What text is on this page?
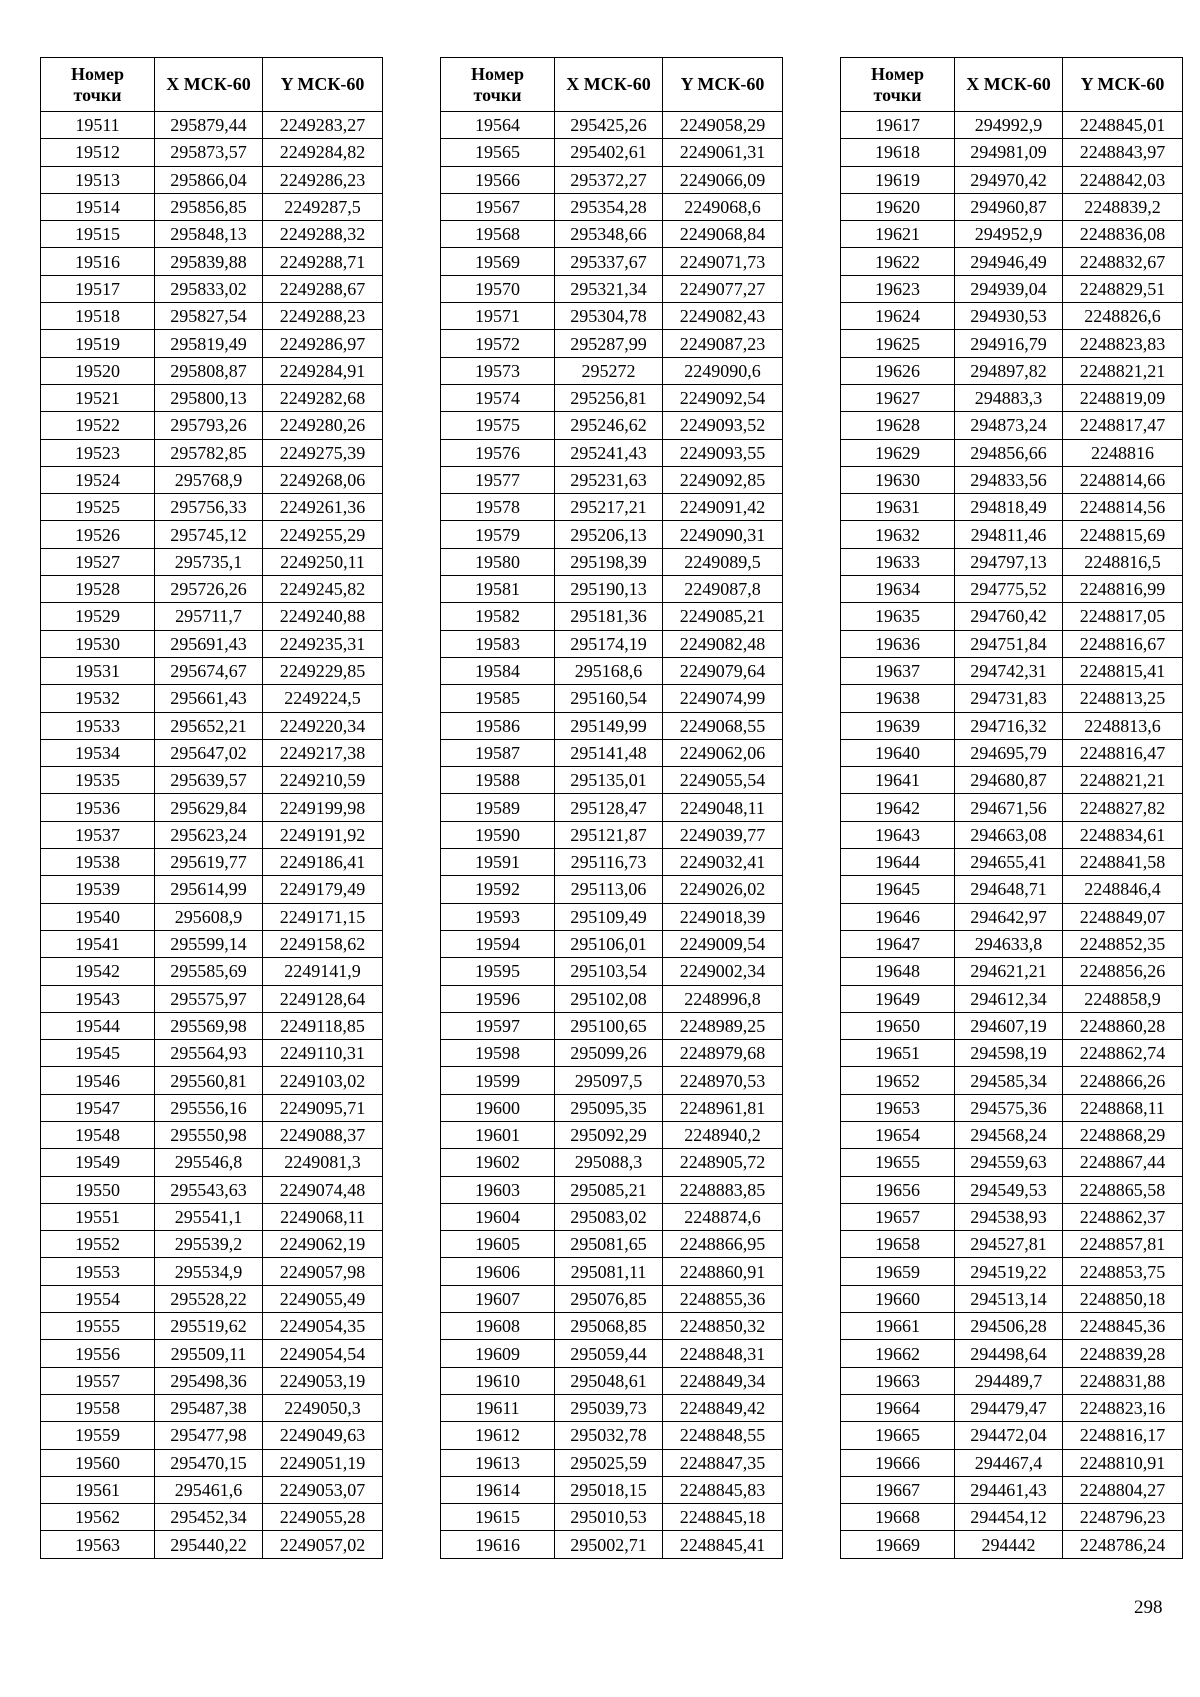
Номер точки	X МСК-60	Y МСК-60
19511	295879,44	2249283,27
19512	295873,57	2249284,82
19513	295866,04	2249286,23
19514	295856,85	2249287,5
19515	295848,13	2249288,32
19516	295839,88	2249288,71
19517	295833,02	2249288,67
19518	295827,54	2249288,23
19519	295819,49	2249286,97
19520	295808,87	2249284,91
19521	295800,13	2249282,68
19522	295793,26	2249280,26
19523	295782,85	2249275,39
19524	295768,9	2249268,06
19525	295756,33	2249261,36
19526	295745,12	2249255,29
19527	295735,1	2249250,11
19528	295726,26	2249245,82
19529	295711,7	2249240,88
19530	295691,43	2249235,31
19531	295674,67	2249229,85
19532	295661,43	2249224,5
19533	295652,21	2249220,34
19534	295647,02	2249217,38
19535	295639,57	2249210,59
19536	295629,84	2249199,98
19537	295623,24	2249191,92
19538	295619,77	2249186,41
19539	295614,99	2249179,49
19540	295608,9	2249171,15
19541	295599,14	2249158,62
19542	295585,69	2249141,9
19543	295575,97	2249128,64
19544	295569,98	2249118,85
19545	295564,93	2249110,31
19546	295560,81	2249103,02
19547	295556,16	2249095,71
19548	295550,98	2249088,37
19549	295546,8	2249081,3
19550	295543,63	2249074,48
19551	295541,1	2249068,11
19552	295539,2	2249062,19
19553	295534,9	2249057,98
19554	295528,22	2249055,49
19555	295519,62	2249054,35
19556	295509,11	2249054,54
19557	295498,36	2249053,19
19558	295487,38	2249050,3
19559	295477,98	2249049,63
19560	295470,15	2249051,19
19561	295461,6	2249053,07
19562	295452,34	2249055,28
19563	295440,22	2249057,02
Номер точки	X МСК-60	Y МСК-60
19564	295425,26	2249058,29
19565	295402,61	2249061,31
19566	295372,27	2249066,09
19567	295354,28	2249068,6
19568	295348,66	2249068,84
19569	295337,67	2249071,73
19570	295321,34	2249077,27
19571	295304,78	2249082,43
19572	295287,99	2249087,23
19573	295272	2249090,6
19574	295256,81	2249092,54
19575	295246,62	2249093,52
19576	295241,43	2249093,55
19577	295231,63	2249092,85
19578	295217,21	2249091,42
19579	295206,13	2249090,31
19580	295198,39	2249089,5
19581	295190,13	2249087,8
19582	295181,36	2249085,21
19583	295174,19	2249082,48
19584	295168,6	2249079,64
19585	295160,54	2249074,99
19586	295149,99	2249068,55
19587	295141,48	2249062,06
19588	295135,01	2249055,54
19589	295128,47	2249048,11
19590	295121,87	2249039,77
19591	295116,73	2249032,41
19592	295113,06	2249026,02
19593	295109,49	2249018,39
19594	295106,01	2249009,54
19595	295103,54	2249002,34
19596	295102,08	2248996,8
19597	295100,65	2248989,25
19598	295099,26	2248979,68
19599	295097,5	2248970,53
19600	295095,35	2248961,81
19601	295092,29	2248940,2
19602	295088,3	2248905,72
19603	295085,21	2248883,85
19604	295083,02	2248874,6
19605	295081,65	2248866,95
19606	295081,11	2248860,91
19607	295076,85	2248855,36
19608	295068,85	2248850,32
19609	295059,44	2248848,31
19610	295048,61	2248849,34
19611	295039,73	2248849,42
19612	295032,78	2248848,55
19613	295025,59	2248847,35
19614	295018,15	2248845,83
19615	295010,53	2248845,18
19616	295002,71	2248845,41
Номер точки	X МСК-60	Y МСК-60
19617	294992,9	2248845,01
19618	294981,09	2248843,97
19619	294970,42	2248842,03
19620	294960,87	2248839,2
19621	294952,9	2248836,08
19622	294946,49	2248832,67
19623	294939,04	2248829,51
19624	294930,53	2248826,6
19625	294916,79	2248823,83
19626	294897,82	2248821,21
19627	294883,3	2248819,09
19628	294873,24	2248817,47
19629	294856,66	2248816
19630	294833,56	2248814,66
19631	294818,49	2248814,56
19632	294811,46	2248815,69
19633	294797,13	2248816,5
19634	294775,52	2248816,99
19635	294760,42	2248817,05
19636	294751,84	2248816,67
19637	294742,31	2248815,41
19638	294731,83	2248813,25
19639	294716,32	2248813,6
19640	294695,79	2248816,47
19641	294680,87	2248821,21
19642	294671,56	2248827,82
19643	294663,08	2248834,61
19644	294655,41	2248841,58
19645	294648,71	2248846,4
19646	294642,97	2248849,07
19647	294633,8	2248852,35
19648	294621,21	2248856,26
19649	294612,34	2248858,9
19650	294607,19	2248860,28
19651	294598,19	2248862,74
19652	294585,34	2248866,26
19653	294575,36	2248868,11
19654	294568,24	2248868,29
19655	294559,63	2248867,44
19656	294549,53	2248865,58
19657	294538,93	2248862,37
19658	294527,81	2248857,81
19659	294519,22	2248853,75
19660	294513,14	2248850,18
19661	294506,28	2248845,36
19662	294498,64	2248839,28
19663	294489,7	2248831,88
19664	294479,47	2248823,16
19665	294472,04	2248816,17
19666	294467,4	2248810,91
19667	294461,43	2248804,27
19668	294454,12	2248796,23
19669	294442	2248786,24
298
